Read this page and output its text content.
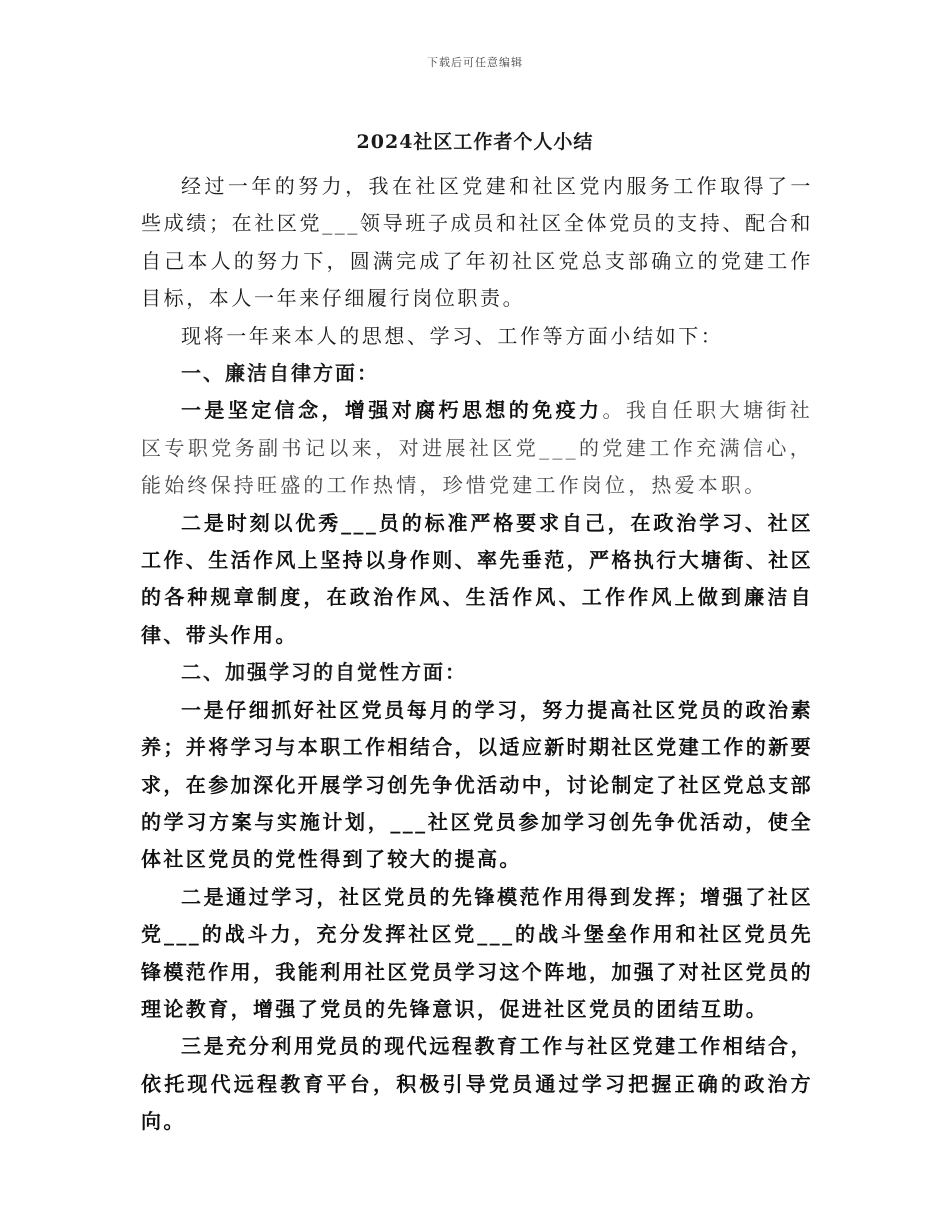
下载后可任意编辑
2024社区工作者个人小结

经过一年的努力，我在社区党建和社区党内服务工作取得了一些成绩；在社区党___领导班子成员和社区全体党员的支持、配合和自己本人的努力下，圆满完成了年初社区党总支部确立的党建工作目标，本人一年来仔细履行岗位职责。

现将一年来本人的思想、学习、工作等方面小结如下：

一、廉洁自律方面：

一是坚定信念，增强对腐朽思想的免疫力。我自任职大塘街社区专职党务副书记以来，对进展社区党___的党建工作充满信心，能始终保持旺盛的工作热情，珍惜党建工作岗位，热爱本职。

二是时刻以优秀___员的标准严格要求自己，在政治学习、社区工作、生活作风上坚持以身作则、率先垂范，严格执行大塘街、社区的各种规章制度，在政治作风、生活作风、工作作风上做到廉洁自律、带头作用。

二、加强学习的自觉性方面：

一是仔细抓好社区党员每月的学习，努力提高社区党员的政治素养；并将学习与本职工作相结合，以适应新时期社区党建工作的新要求，在参加深化开展学习创先争优活动中，讨论制定了社区党总支部的学习方案与实施计划，___社区党员参加学习创先争优活动，使全体社区党员的党性得到了较大的提高。

二是通过学习，社区党员的先锋模范作用得到发挥；增强了社区党___的战斗力，充分发挥社区党___的战斗堡垒作用和社区党员先锋模范作用，我能利用社区党员学习这个阵地，加强了对社区党员的理论教育，增强了党员的先锋意识，促进社区党员的团结互助。

三是充分利用党员的现代远程教育工作与社区党建工作相结合，依托现代远程教育平台，积极引导党员通过学习把握正确的政治方向。
